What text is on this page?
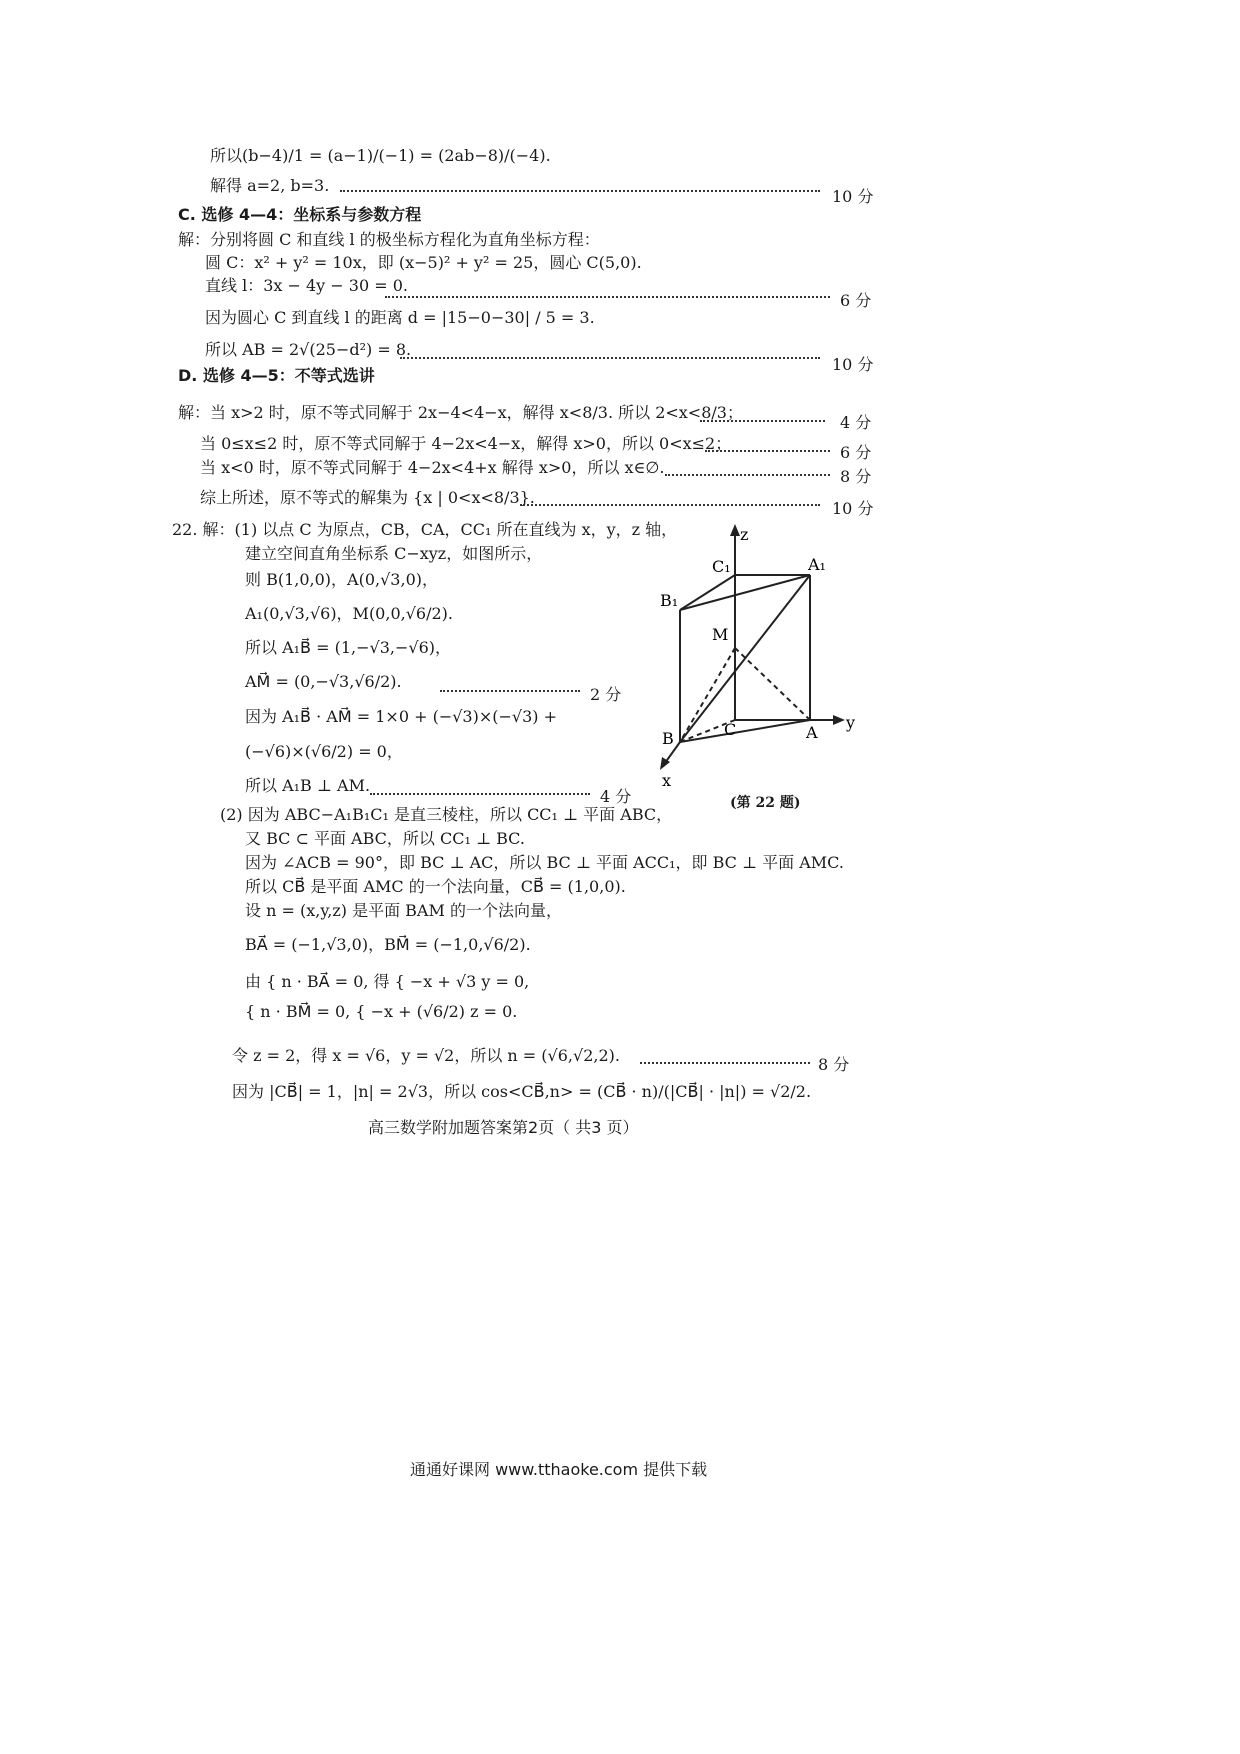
所以(b−4)/1 = (a−1)/(−1) = (2ab−8)/(−4).
解得 a=2, b=3.
10 分
C. 选修 4—4：坐标系与参数方程
解：分别将圆 C 和直线 l 的极坐标方程化为直角坐标方程：
圆 C：x² + y² = 10x，即 (x−5)² + y² = 25，圆心 C(5,0).
直线 l：3x − 4y − 30 = 0.
6 分
因为圆心 C 到直线 l 的距离 d = |15−0−30| / 5 = 3.
所以 AB = 2√(25−d²) = 8.
10 分
D. 选修 4—5：不等式选讲
解：当 x>2 时，原不等式同解于 2x−4<4−x，解得 x<8/3. 所以 2<x<8/3；
4 分
当 0≤x≤2 时，原不等式同解于 4−2x<4−x，解得 x>0，所以 0<x≤2；	6 分
当 x<0 时，原不等式同解于 4−2x<4+x 解得 x>0，所以 x∈∅.	8 分
综上所述，原不等式的解集为 {x | 0<x<8/3}.
10 分
22. 解：(1) 以点 C 为原点，CB，CA，CC₁ 所在直线为 x，y，z 轴，
建立空间直角坐标系 C−xyz，如图所示，
则 B(1,0,0)，A(0,√3,0)，
A₁(0,√3,√6)，M(0,0,√6/2).
所以 A₁B⃗ = (1,−√3,−√6)，
AM⃗ = (0,−√3,√6/2).
2 分
因为 A₁B⃗ · AM⃗ = 1×0 + (−√3)×(−√3) +
(−√6)×(√6/2) = 0，
所以 A₁B ⊥ AM.
4 分
z
y
x
A
B	C
A₁
B₁
C₁
M
(第 22 题)
(2) 因为 ABC−A₁B₁C₁ 是直三棱柱，所以 CC₁ ⊥ 平面 ABC，
又 BC ⊂ 平面 ABC，所以 CC₁ ⊥ BC.
因为 ∠ACB = 90°，即 BC ⊥ AC，所以 BC ⊥ 平面 ACC₁，即 BC ⊥ 平面 AMC.
所以 CB⃗ 是平面 AMC 的一个法向量，CB⃗ = (1,0,0).
设 n = (x,y,z) 是平面 BAM 的一个法向量，
BA⃗ = (−1,√3,0)，BM⃗ = (−1,0,√6/2).
由 { n · BA⃗ = 0, 得 { −x + √3 y = 0,
{ n · BM⃗ = 0, { −x + (√6/2) z = 0.
令 z = 2，得 x = √6，y = √2，所以 n = (√6,√2,2).	8 分
因为 |CB⃗| = 1，|n| = 2√3，所以 cos<CB⃗,n> = (CB⃗ · n)/(|CB⃗| · |n|) = √2/2.
高三数学附加题答案第2页（ 共3 页）
通通好课网 www.tthaoke.com 提供下载
